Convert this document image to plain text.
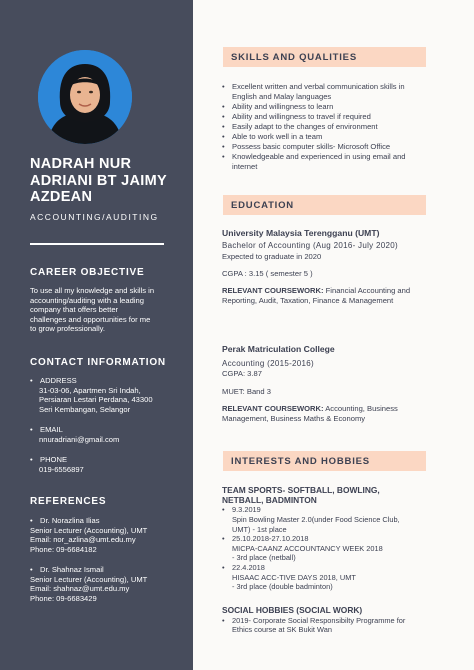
NADRAH NUR
ADRIANI BT JAIMY
AZDEAN
ACCOUNTING/AUDITING
CAREER OBJECTIVE
To use all my knowledge and skills in
accounting/auditing with a leading
company that offers better
challenges and opportunities for me
to grow professionally.
CONTACT INFORMATION
• ADDRESS
31-03-06, Apartmen Sri Indah,
Persiaran Lestari Perdana, 43300
Seri Kembangan, Selangor
• EMAIL
nnuradriani@gmail.com
• PHONE
019-6556897
REFERENCES
• Dr. Norazlina Ilias
Senior Lecturer (Accounting), UMT
Email: nor_azlina@umt.edu.my
Phone: 09-6684182
• Dr. Shahnaz Ismail
Senior Lecturer (Accounting), UMT
Email: shahnaz@umt.edu.my
Phone: 09-6683429
SKILLS AND QUALITIES
• Excellent written and verbal communication skills in
English and Malay languages
• Ability and willingness to learn
• Ability and willingness to travel if required
• Easily adapt to the changes of environment
• Able to work well in a team
• Possess basic computer skills- Microsoft Office
• Knowledgeable and experienced in using email and
internet
EDUCATION
University Malaysia Terengganu (UMT)
Bachelor of Accounting (Aug 2016- July 2020)
Expected to graduate in 2020
CGPA : 3.15 ( semester 5 )
RELEVANT COURSEWORK: Financial Accounting and
Reporting, Audit, Taxation, Finance & Management
Perak Matriculation College
Accounting (2015-2016)
CGPA: 3.87
MUET: Band 3
RELEVANT COURSEWORK: Accounting, Business
Management, Business Maths & Economy
INTERESTS AND HOBBIES
TEAM SPORTS- SOFTBALL, BOWLING,
NETBALL, BADMINTON
• 9.3.2019
Spin Bowling Master 2.0(under Food Science Club,
UMT) - 1st place
• 25.10.2018-27.10.2018
MICPA-CAANZ ACCOUNTANCY WEEK 2018
- 3rd place (netball)
• 22.4.2018
HISAAC ACC-TIVE DAYS 2018, UMT
- 3rd place (double badminton)
SOCIAL HOBBIES (SOCIAL WORK)
• 2019- Corporate Social Responsibilty Programme for
Ethics course at SK Bukit Wan
